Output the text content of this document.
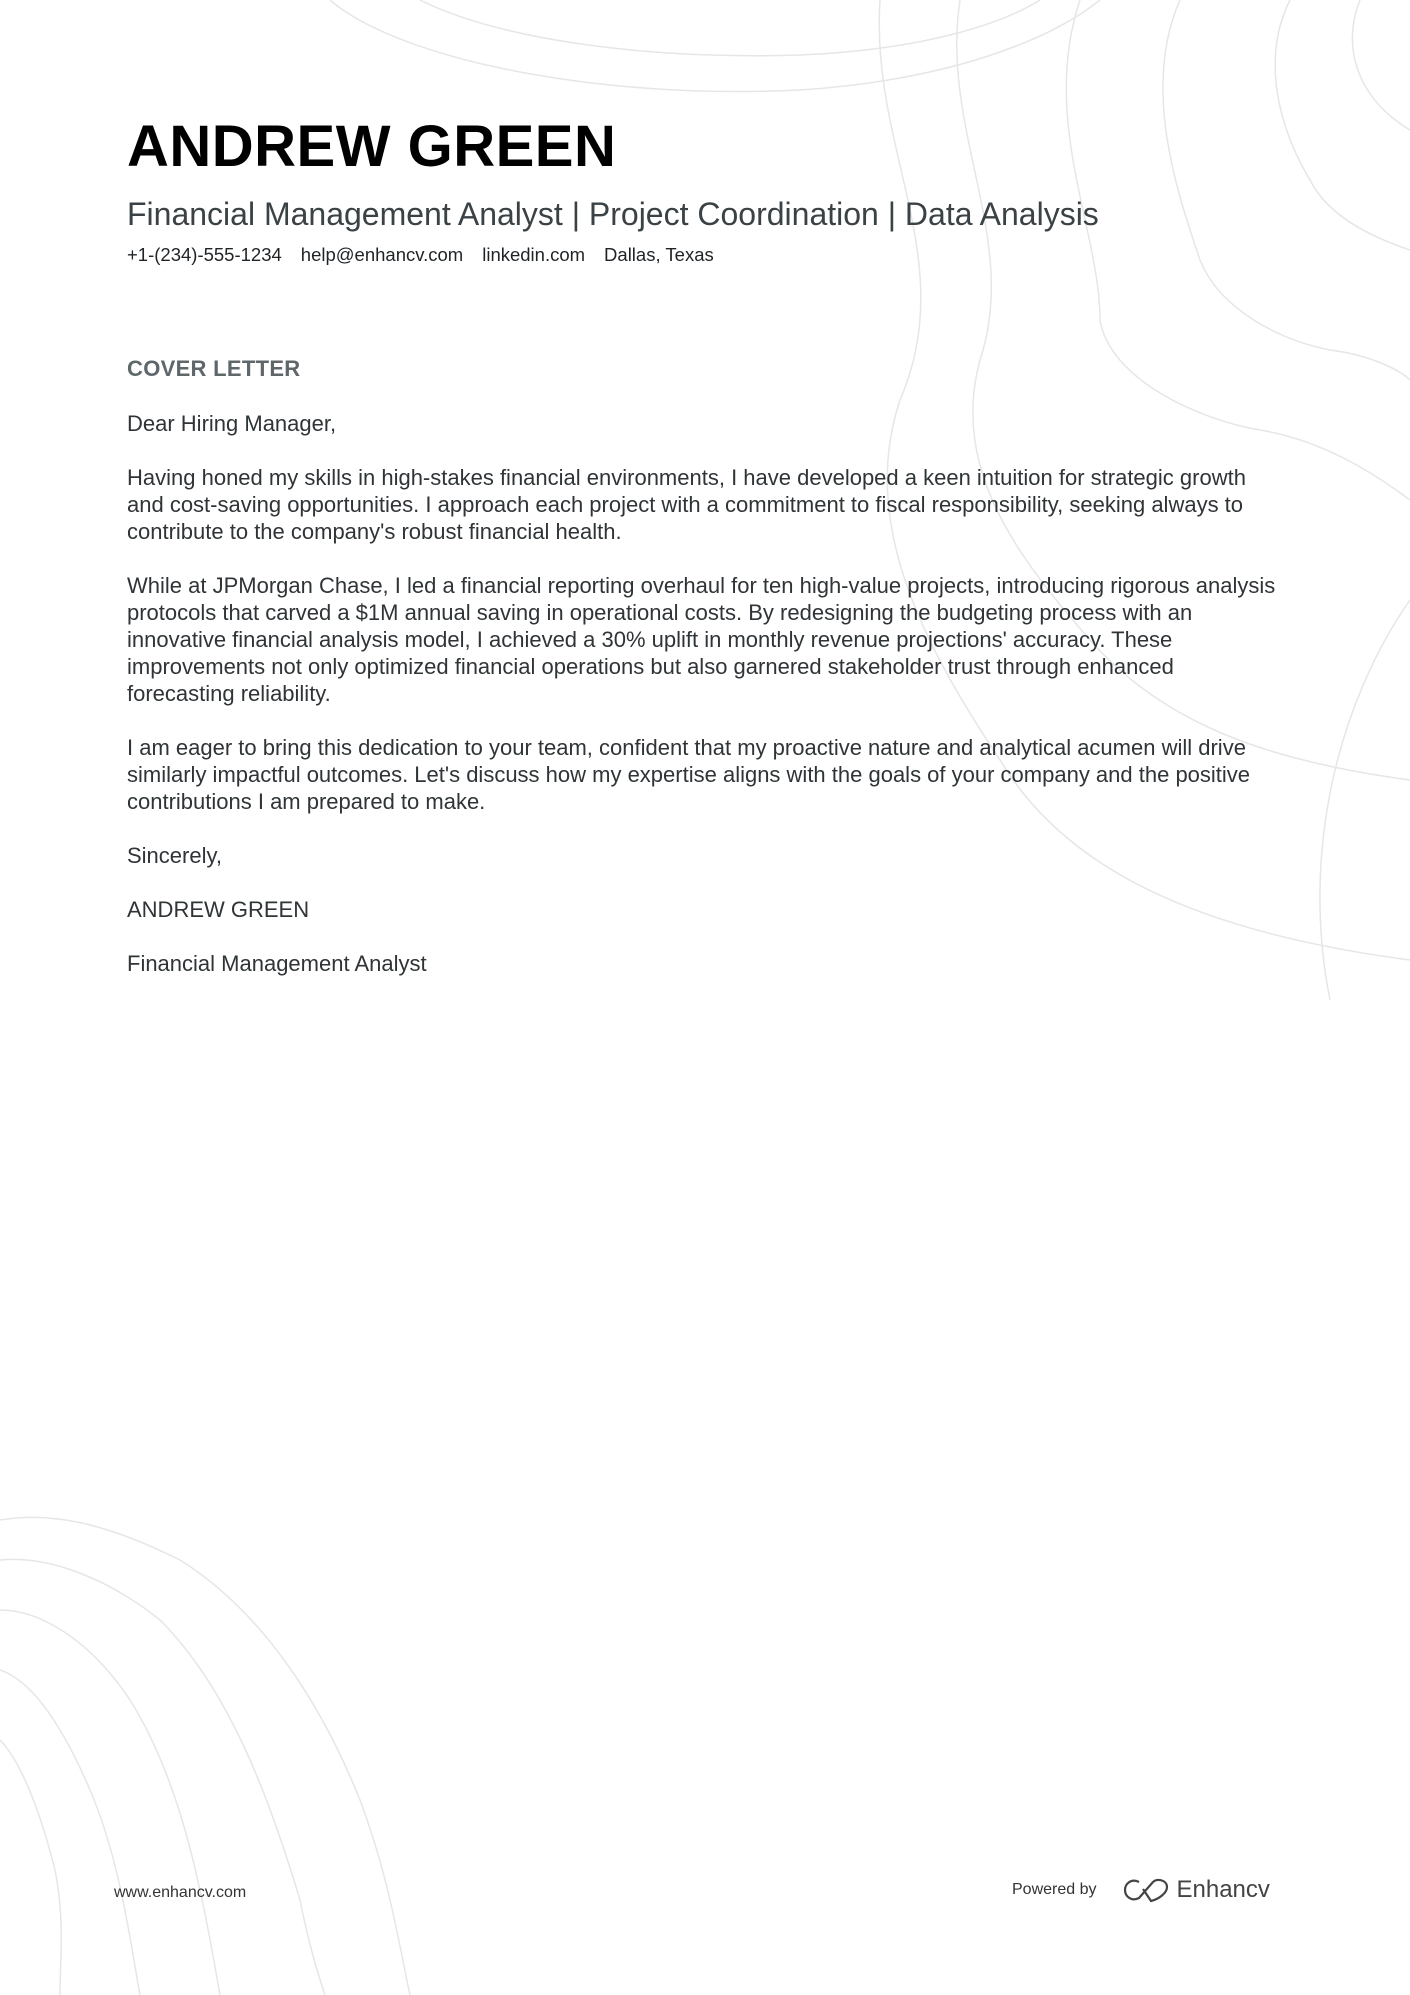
ANDREW GREEN
Financial Management Analyst | Project Coordination | Data Analysis
+1-(234)-555-1234 help@enhancv.com linkedin.com Dallas, Texas
COVER LETTER

Dear Hiring Manager,

Having honed my skills in high-stakes financial environments, I have developed a keen intuition for strategic growth and cost-saving opportunities. I approach each project with a commitment to fiscal responsibility, seeking always to contribute to the company's robust financial health.

While at JPMorgan Chase, I led a financial reporting overhaul for ten high-value projects, introducing rigorous analysis protocols that carved a $1M annual saving in operational costs. By redesigning the budgeting process with an innovative financial analysis model, I achieved a 30% uplift in monthly revenue projections' accuracy. These improvements not only optimized financial operations but also garnered stakeholder trust through enhanced forecasting reliability.

I am eager to bring this dedication to your team, confident that my proactive nature and analytical acumen will drive similarly impactful outcomes. Let's discuss how my expertise aligns with the goals of your company and the positive contributions I am prepared to make.

Sincerely,

ANDREW GREEN

Financial Management Analyst

www.enhancv.com	Powered by	Enhancv
